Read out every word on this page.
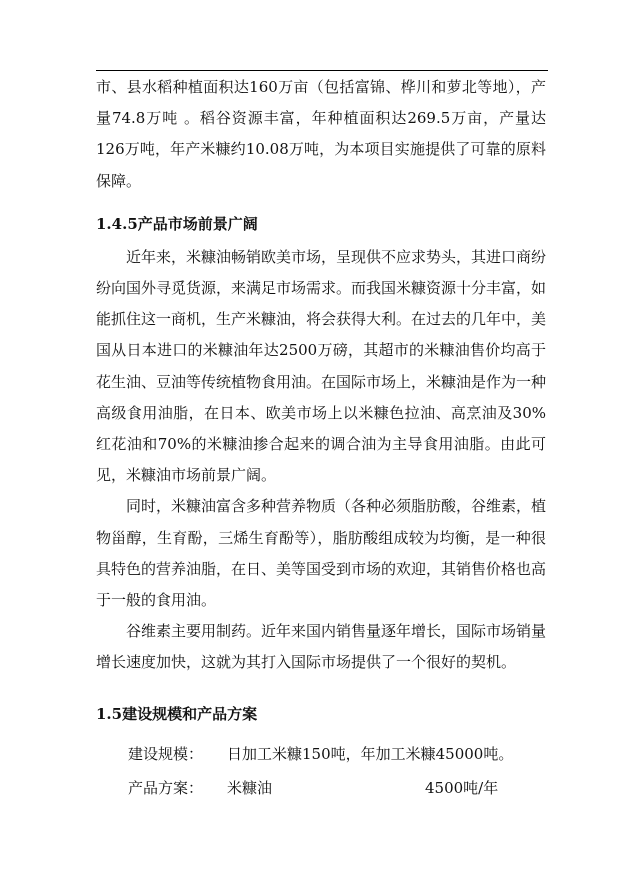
市、县水稻种植面积达160万亩（包括富锦、桦川和萝北等地），产量74.8万吨 。稻谷资源丰富，年种植面积达269.5万亩，产量达126万吨，年产米糠约10.08万吨，为本项目实施提供了可靠的原料保障。

1.4.5产品市场前景广阔

近年来，米糠油畅销欧美市场，呈现供不应求势头，其进口商纷纷向国外寻觅货源，来满足市场需求。而我国米糠资源十分丰富，如能抓住这一商机，生产米糠油，将会获得大利。在过去的几年中，美国从日本进口的米糠油年达2500万磅，其超市的米糠油售价均高于花生油、豆油等传统植物食用油。在国际市场上，米糠油是作为一种高级食用油脂，在日本、欧美市场上以米糠色拉油、高烹油及30%红花油和70%的米糠油掺合起来的调合油为主导食用油脂。由此可见，米糠油市场前景广阔。

同时，米糠油富含多种营养物质（各种必须脂肪酸，谷维素，植物甾醇，生育酚，三烯生育酚等），脂肪酸组成较为均衡，是一种很具特色的营养油脂，在日、美等国受到市场的欢迎，其销售价格也高于一般的食用油。

谷维素主要用制药。近年来国内销售量逐年增长，国际市场销量增长速度加快，这就为其打入国际市场提供了一个很好的契机。

1.5建设规模和产品方案
建设规模：	日加工米糠150吨，年加工米糠45000吨。
产品方案：	米糠油	4500吨/年
